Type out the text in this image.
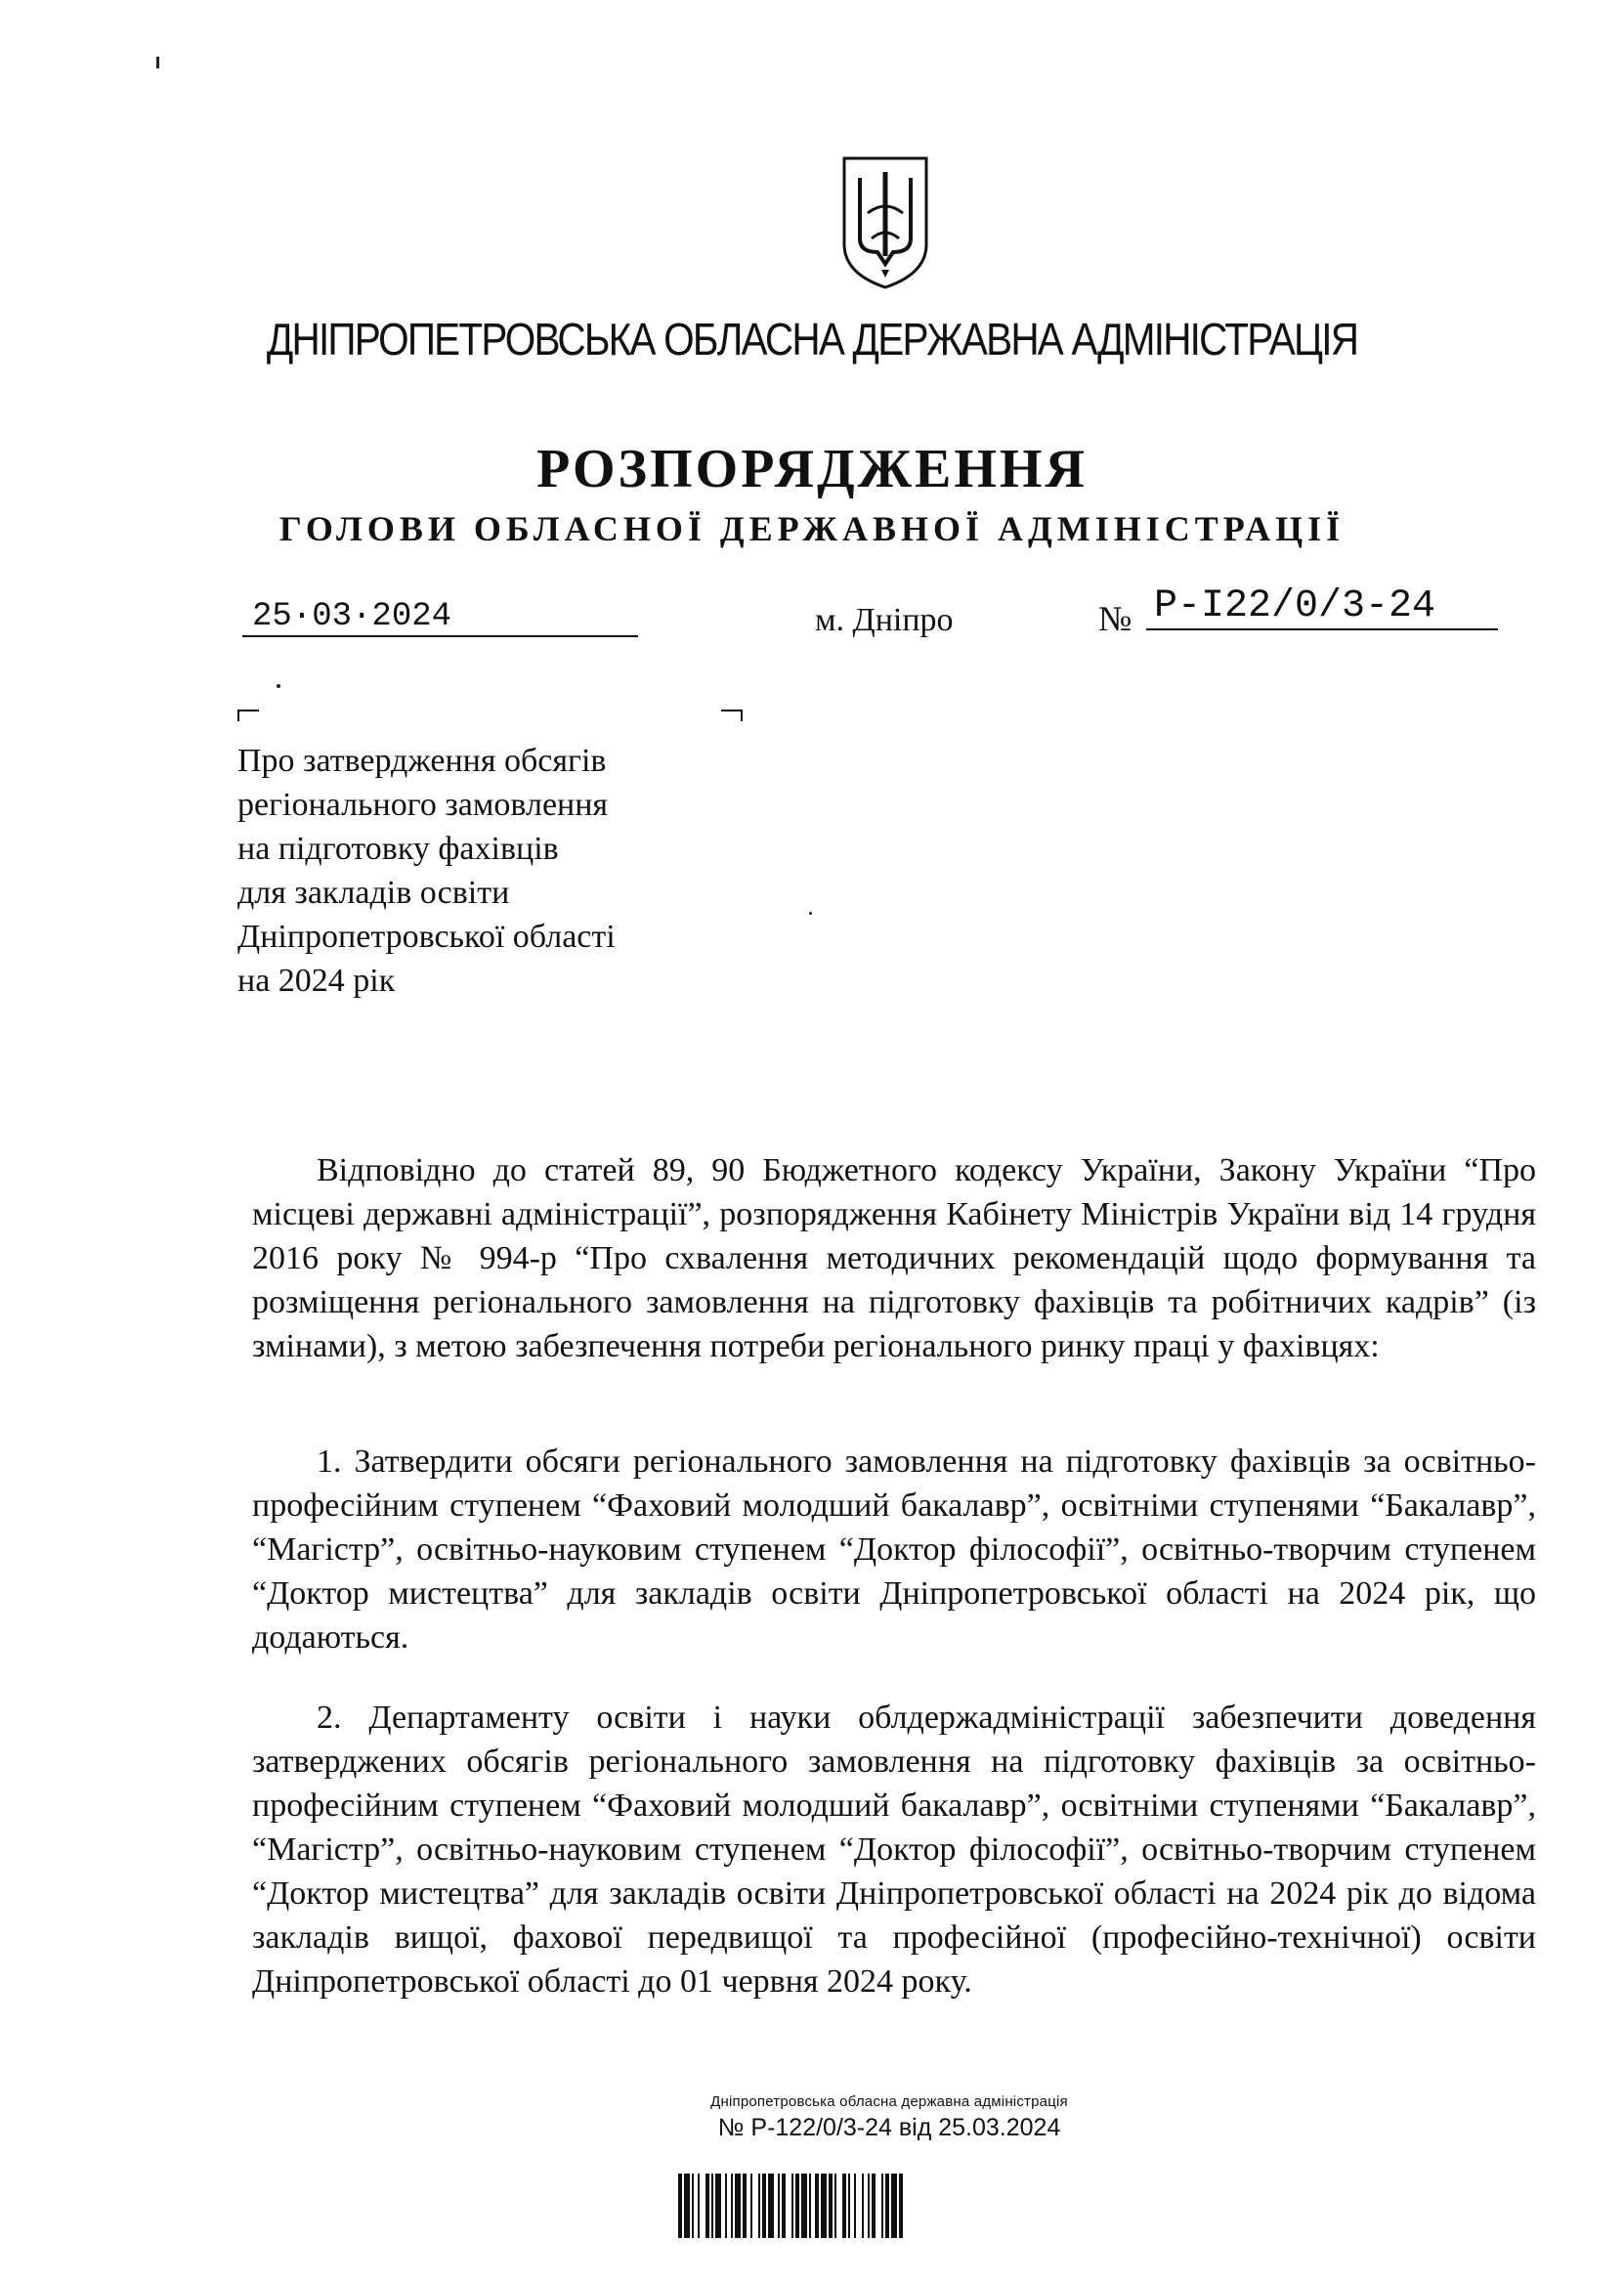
ДНІПРОПЕТРОВСЬКА ОБЛАСНА ДЕРЖАВНА АДМІНІСТРАЦІЯ
РОЗПОРЯДЖЕННЯ
ГОЛОВИ ОБЛАСНОЇ ДЕРЖАВНОЇ АДМІНІСТРАЦІЇ
25·03·2024	м. Дніпро	№ Р-І22/0/3-24
Про затвердження обсягів
регіонального замовлення
на підготовку фахівців
для закладів освіти
Дніпропетровської області
на 2024 рік

Відповідно до статей 89, 90 Бюджетного кодексу України, Закону України “Про місцеві державні адміністрації”, розпорядження Кабінету Міністрів України від 14 грудня 2016 року № 994-р “Про схвалення методичних рекомендацій щодо формування та розміщення регіонального замовлення на підготовку фахівців та робітничих кадрів” (із змінами), з метою забезпечення потреби регіонального ринку праці у фахівцях:

1. Затвердити обсяги регіонального замовлення на підготовку фахівців за освітньо-професійним ступенем “Фаховий молодший бакалавр”, освітніми ступенями “Бакалавр”, “Магістр”, освітньо-науковим ступенем “Доктор філософії”, освітньо-творчим ступенем “Доктор мистецтва” для закладів освіти Дніпропетровської області на 2024 рік, що додаються.

2. Департаменту освіти і науки облдержадміністрації забезпечити доведення затверджених обсягів регіонального замовлення на підготовку фахівців за освітньо-професійним ступенем “Фаховий молодший бакалавр”, освітніми ступенями “Бакалавр”, “Магістр”, освітньо-науковим ступенем “Доктор філософії”, освітньо-творчим ступенем “Доктор мистецтва” для закладів освіти Дніпропетровської області на 2024 рік до відома закладів вищої, фахової передвищої та професійної (професійно-технічної) освіти Дніпропетровської області до 01 червня 2024 року.

Дніпропетровська обласна державна адміністрація
№ Р-122/0/3-24 від 25.03.2024
